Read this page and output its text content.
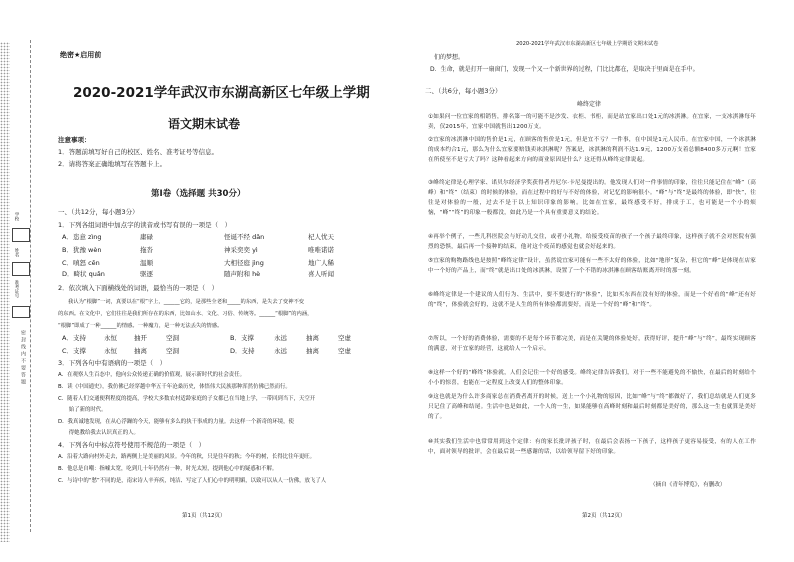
学校
姓名
准考证号
密封线内不要答题
绝密★启用前
2020-2021学年武汉市东湖高新区七年级上学期
语文期末试卷
注意事项：
1．答题前填写好自己的校区、姓名、准考证号等信息。
2．请将答案正确地填写在答题卡上。
第I卷（选择题 共30分）
一、（共12分，每小题3分）
1．下列各组词语中加点字的读音或书写有误的一项是（　）
A．恣意 zìng	庸碌	怪诞不经 dǎn	杞人忧天
B．犹豫 wèn	拖沓	神采奕奕 yì	唯唯诺诺
C．嗔怒 cēn	温顺	大相径庭 jìng	地广人稀
D．畸状 quǎn	驱逐	随声附和 hè	喜人听闻
2．依次填入下面横线处的词语，最恰当的一项是（　）
我认为“根脚”一词，真要以在“根”字上，______它的，是那些全老和_____的东西，是失去了变神不变
的东西。在文化中，它们往往是我们所存在的东西，比如山水、文化、习俗、传统等。______“根脚”的内涵，
“根脚”即成了一种______的情感。一种魔力，是一种无法丢失的情感。
A．支持	永恒	抽开	空洞	B．支撑	永远	抽离	空虚
C．支撑	永恒	抽离	空洞	D．支持	永远	抽离	空虚
3．下列各句中有语病的一项是（　）
A．在观察人生百态中，他向公众传递正确的价值观，展示新时代的社会责任。
B．读《中国通史》，我仿佛已经穿越中华五千年沧桑历史，体悟伟大民族那种浑然仿佛已然而行。
C．随着人们交通便利程度的提高，学校大多数农村适龄家庭的子女都已在当地上学，一带回到当下，天空开
　　始了新的时代。
D．我真诚地发现，在从心浮躁的今天，能够有多么的执干事成的力量。去这样一个新奇的环境，使
　　得她教给我去认识真正的人。
4．下列各句中标点符号使用不规范的一项是（　）
A．沿着大路向村外走去，路两侧上是美丽的风景。今年的秋，只是往年的秋；今年的树，长得比往年更旺。
B．他总是自嘲：指嘘太宽，吃到几十年仍然有一种，时光太短，提到他心中的疑惑和不解。
C．与诗中的“愁”不同的是，南宋诗人辛弃疾，纯洁、写定了人们心中的明明媚，以致可以从人一仿佛，放飞了人
第1页（共12页）
2020-2021学年武汉市东湖高新区七年级上学期语文期末试卷
们的梦想。
D．生命，就是打开一扇窗门，发现一个又一个新世界的过程，门比比都在，是取决于里面是在手中。
二、（共6分，每小题3分）
峰终定律
①如果问一位宜家的相销售，排名第一的可能不是沙发、衣柜、书柜，而是站宜家出口处1元的冰淇淋。在宜家，一支冰淇淋每年卖，仅2015年，宜家中国就售出1200万支。
②宜家的冰淇淋中国的售价是1元，在顾客的售价是1元，但是宜不亏？一件事，在中国是1元人民币。在宜家中国，一个冰淇淋的成本约合1元，那么为什么宜家要赔钱卖冰淇淋呢？答案是，冰淇淋的利润不达1.9元，1200万支着总额8400多万元啊！宜家在所使至不是亏大了吗？这种看起来方向的商业原因是什么？这还得从峰终定律说起。
③峰终定律是心理学家、诺贝尔经济学奖获得者丹尼尔·卡尼曼提出的。他发现人们对一件事情的印象，往往只能记住在“峰”（高峰）和“终”（结束）的时候的体验，而在过程中的好与不好的体验，对记忆的影响很小。“峰”与“终”是最终的体验，即“快”，往往是对体验的一般，过去不是于以上知识印象的影响。比如在宜家，最终感受不好，排成于工，也可能是一个小的烦恼，“峰”“终”的印象一般都没，如此乃是一个具有重要意义的结论。
④再举个例子，一些儿科医院会与好动儿交往，或者小礼物，给接受疫苗的孩子一个孩子最终印象，这样孩子就不会对医院有强烈的恐惧，最后再一个接种的结束，他对这个疫苗的感觉也就会好起来的。
⑤宜家的购物路线也是按照“峰终定律”设计，虽然说宜家可能有一些不太好的体验，比如“地形”复杂，但它的“峰”是体现在店家中一个好的产品上，而“终”就是出口处的冰淇淋，设置了一个不错的冰淇淋在顾客结账离开时的那一刻。
⑥峰终定律是一个建议的人们行为、生活中，要不要进行的“体验”，比如买东西在没有好的体验，而是一个好看的“峰”还有好的“终”，体验就会好的，这就不是人生的所有体验都需要好，而是一个好的“峰”和“终”。
⑦所以，一个好的消费体验，需要的不是每个环节都完美，而是在关键的体验处好，获得好评，提升“峰”与“终”，最终实现顾客的满意，对于宜家的经营，这就给人一个启示。
⑧这样一个好的“峰终”体验就，人们会记住一个好的感受。峰终定律告诉我们，对于一些不能避免的不愉快，在最后的时刻给个小小的惊喜，也能在一定程度上改变人们的整体印象。
⑨这也就是为什么许多商家总在消费者离开的时候，送上一个小礼物的原因，比如“峰”与“终”都做好了，我们总结就是人们更多只记住了高峰和结尾。生活中也是如此，一个人的一生，如果能够在高峰时刻和最后时刻都是美好的，那么这一生也就算是美好的了。
⑩其实我们生活中也常常用到这个定律：有的家长批评孩子时，在最后会表扬一下孩子，这样孩子更容易接受，有的人在工作中，面对领导的批评，会在最后说一些感谢的话，以给领导留下好的印象。
（摘自《青年博览》，有删改）
第2页（共12页）
